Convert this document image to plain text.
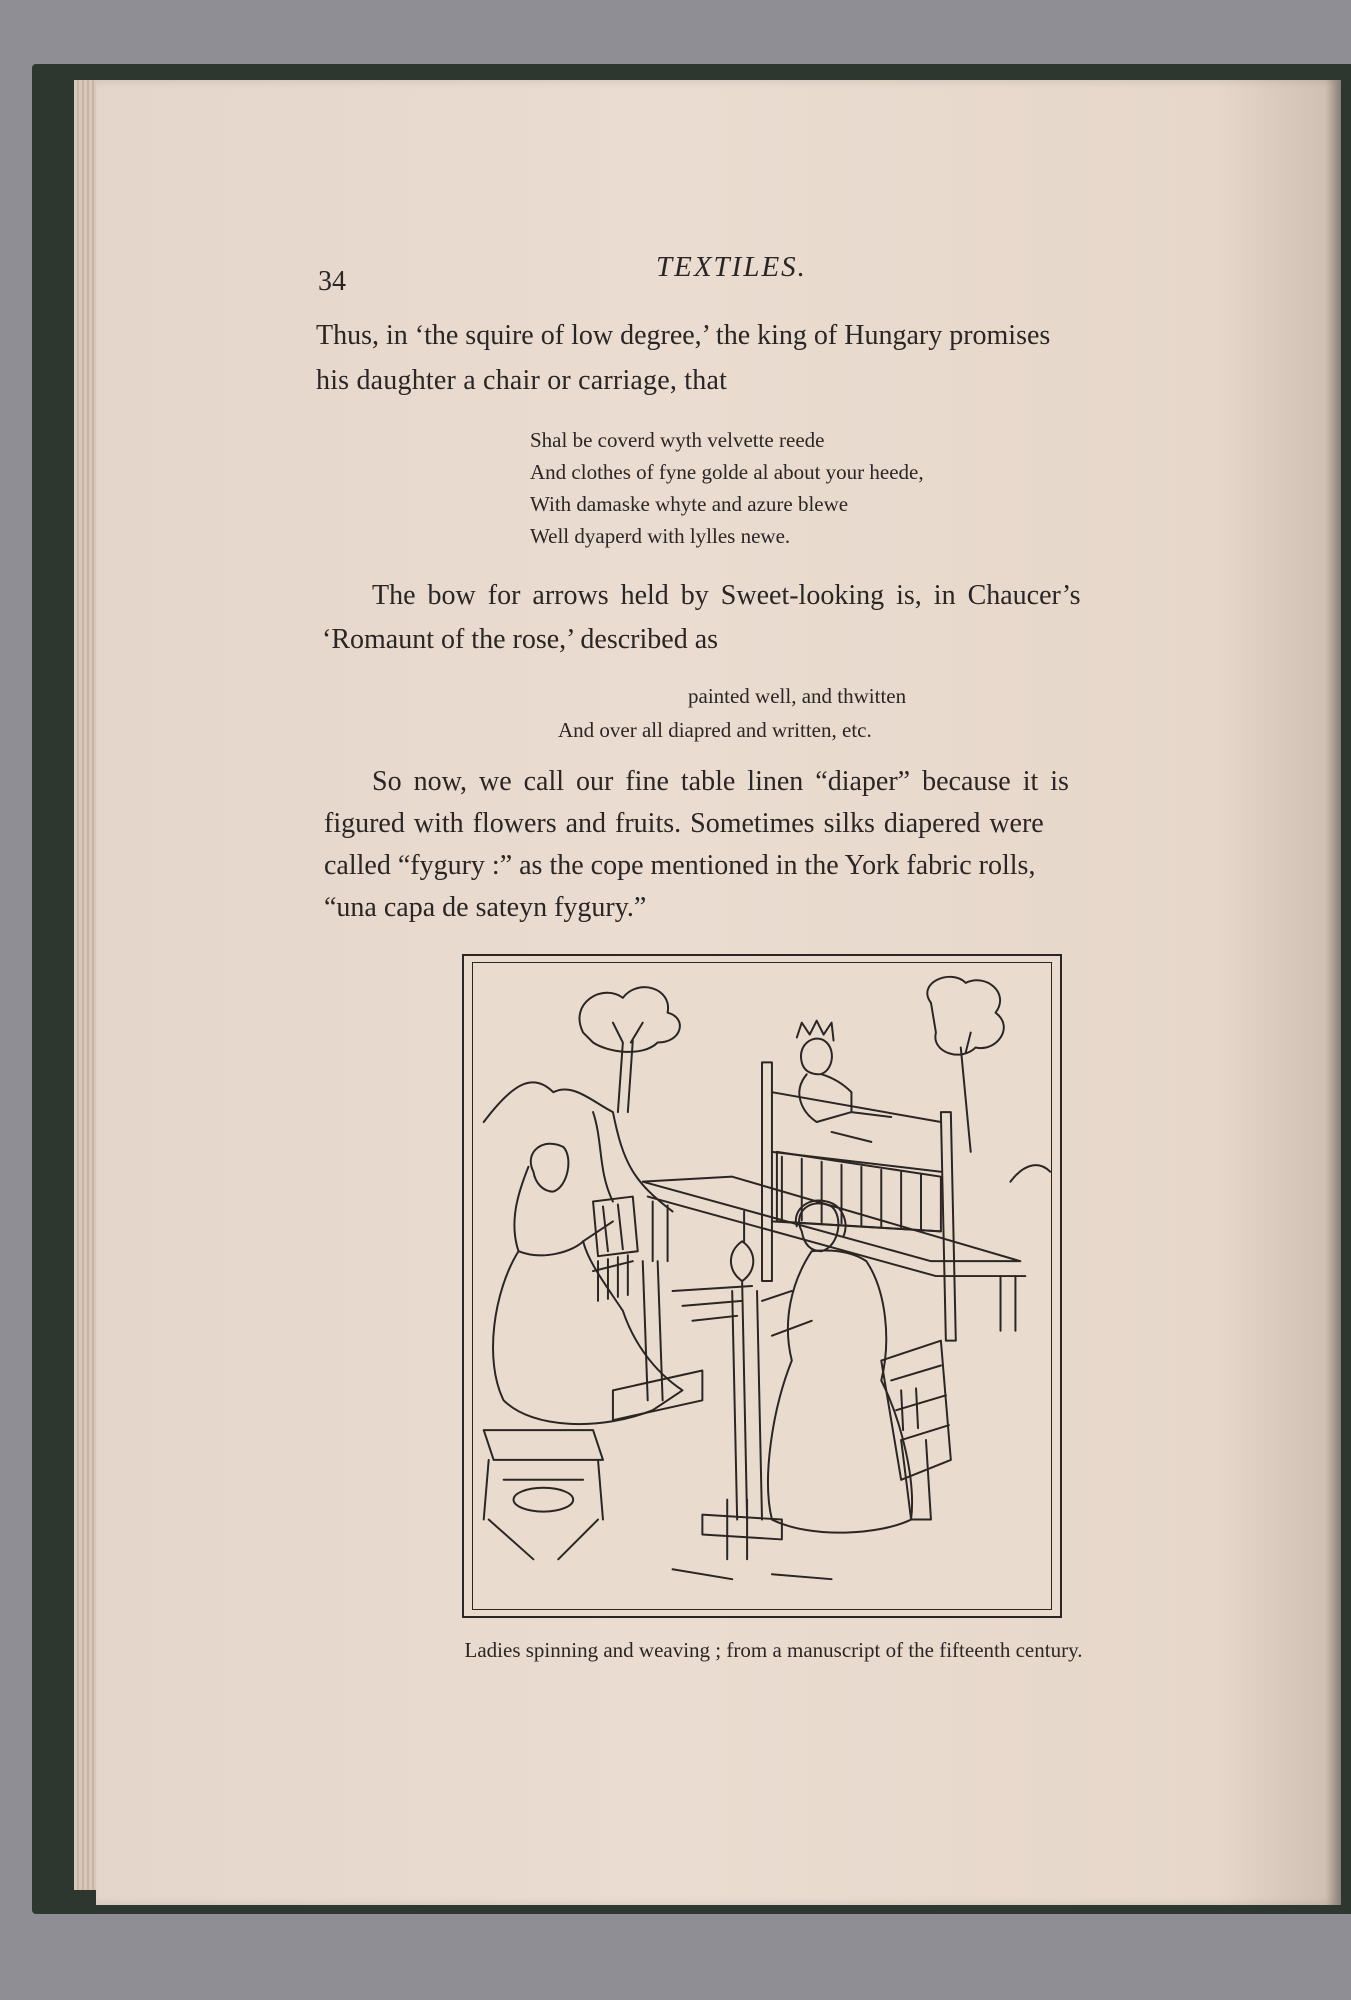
34	TEXTILES.
Thus, in ‘the squire of low degree,’ the king of Hungary promises
his daughter a chair or carriage, that
Shal be coverd wyth velvette reede
And clothes of fyne golde al about your heede,
With damaske whyte and azure blewe
Well dyaperd with lylles newe.
The bow for arrows held by Sweet-looking is, in Chaucer’s
‘Romaunt of the rose,’ described as
painted well, and thwitten
And over all diapred and written, etc.
So now, we call our fine table linen “diaper” because it is
figured with flowers and fruits. Sometimes silks diapered were
called “fygury :” as the cope mentioned in the York fabric rolls,
“una capa de sateyn fygury.”
Ladies spinning and weaving ; from a manuscript of the fifteenth century.
